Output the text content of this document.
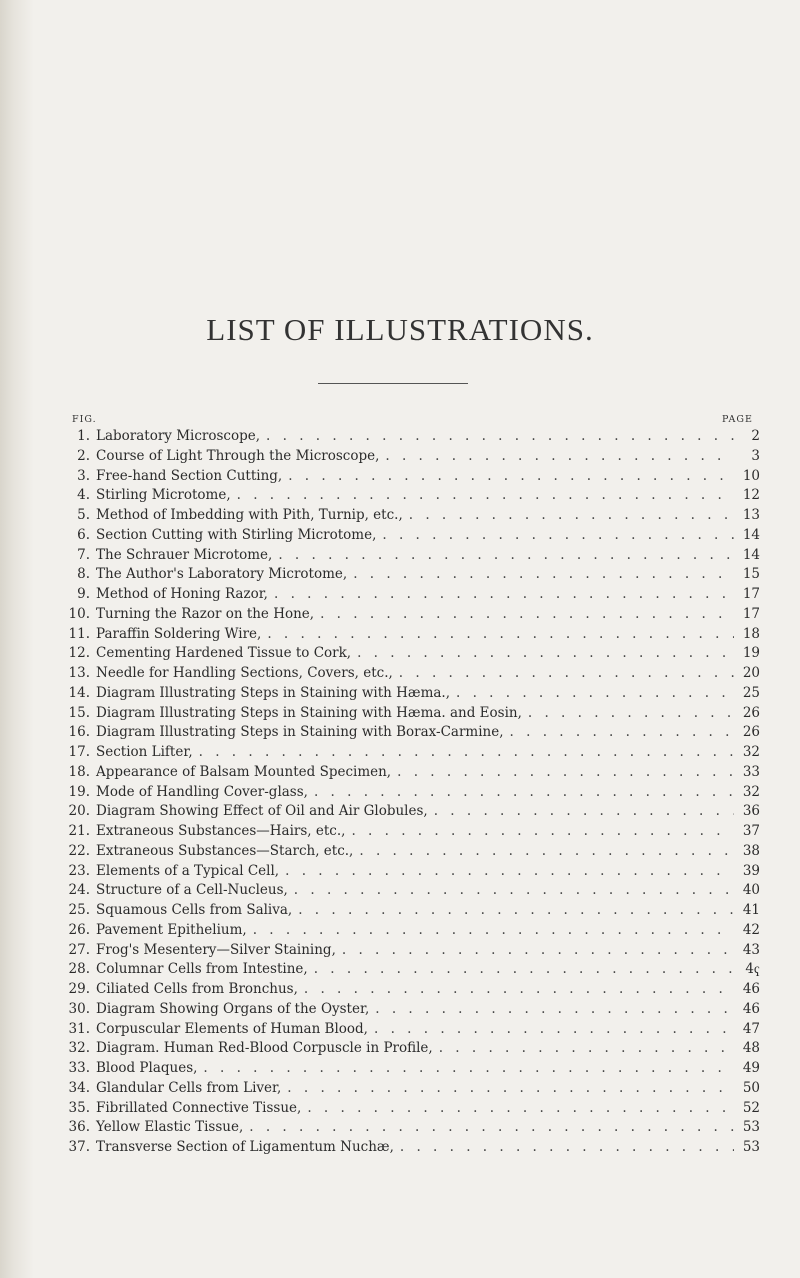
LIST OF ILLUSTRATIONS.
FIG.	PAGE
1. Laboratory Microscope, . . .	2
2. Course of Light Through the Microscope, . . .	3
3. Free-hand Section Cutting, . . .	10
4. Stirling Microtome, . . .	12
5. Method of Imbedding with Pith, Turnip, etc., . . .	13
6. Section Cutting with Stirling Microtome, . . .	14
7. The Schrauer Microtome, . . .	14
8. The Author's Laboratory Microtome, . . .	15
9. Method of Honing Razor, . . .	17
10. Turning the Razor on the Hone, . . .	17
11. Paraffin Soldering Wire, . . .	18
12. Cementing Hardened Tissue to Cork, . . .	19
13. Needle for Handling Sections, Covers, etc., . . .	20
14. Diagram Illustrating Steps in Staining with Hæma., . . .	25
15. Diagram Illustrating Steps in Staining with Hæma. and Eosin, . . .	26
16. Diagram Illustrating Steps in Staining with Borax-Carmine, . . .	26
17. Section Lifter, . . .	32
18. Appearance of Balsam Mounted Specimen, . . .	33
19. Mode of Handling Cover-glass, . . .	32
20. Diagram Showing Effect of Oil and Air Globules, . . .	36
21. Extraneous Substances—Hairs, etc., . . .	37
22. Extraneous Substances—Starch, etc., . . .	38
23. Elements of a Typical Cell, . . .	39
24. Structure of a Cell-Nucleus, . . .	40
25. Squamous Cells from Saliva, . . .	41
26. Pavement Epithelium, . . .	42
27. Frog's Mesentery—Silver Staining, . . .	43
28. Columnar Cells from Intestine, . . .	4ҁ
29. Ciliated Cells from Bronchus, . . .	46
30. Diagram Showing Organs of the Oyster, . . .	46
31. Corpuscular Elements of Human Blood, . . .	47
32. Diagram. Human Red-Blood Corpuscle in Profile, . . .	48
33. Blood Plaques, . . .	49
34. Glandular Cells from Liver, . . .	50
35. Fibrillated Connective Tissue, . . .	52
36. Yellow Elastic Tissue, . . .	53
37. Transverse Section of Ligamentum Nuchæ, . . .	53
